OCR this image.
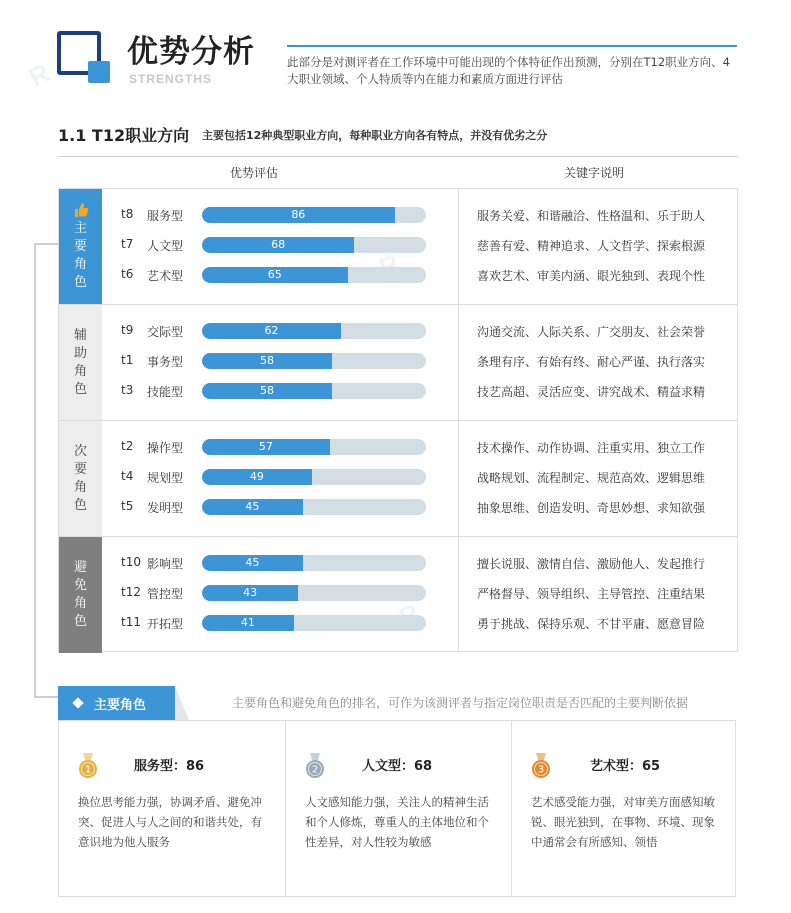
优势分析
STRENGTHS
此部分是对测评者在工作环境中可能出现的个体特征作出预测，分别在T12职业方向、4大职业领域、个人特质等内在能力和素质方面进行评估
1.1 T12职业方向 主要包括12种典型职业方向，每种职业方向各有特点，并没有优劣之分
优势评估	关键字说明
主
要
角
色
t8 服务型	86	服务关爱、和谐融洽、性格温和、乐于助人
t7 人文型	68	慈善有爱、精神追求、人文哲学、探索根源
t6 艺术型	65	喜欢艺术、审美内涵、眼光独到、表现个性
辅
助
角
色
t9 交际型	62	沟通交流、人际关系、广交朋友、社会荣誉
t1 事务型	58	条理有序、有始有终、耐心严谨、执行落实
t3 技能型	58	技艺高超、灵活应变、讲究战术、精益求精
次
要
角
色
t2 操作型	57	技术操作、动作协调、注重实用、独立工作
t4 规划型	49	战略规划、流程制定、规范高效、逻辑思维
t5 发明型	45	抽象思维、创造发明、奇思妙想、求知欲强
避
免
角
色
t10 影响型	45	擅长说服、激情自信、激励他人、发起推行
t12 管控型	43	严格督导、领导组织、主导管控、注重结果
t11 开拓型	41	勇于挑战、保持乐观、不甘平庸、愿意冒险
主要角色	主要角色和避免角色的排名，可作为该测评者与指定岗位职责是否匹配的主要判断依据
1	服务型：86
换位思考能力强，协调矛盾、避免冲突、促进人与人之间的和谐共处，有意识地为他人服务
2	人文型：68
人文感知能力强，关注人的精神生活和个人修炼，尊重人的主体地位和个性差异，对人性较为敏感
3	艺术型：65
艺术感受能力强，对审美方面感知敏锐、眼光独到，在事物、环境、现象中通常会有所感知、领悟
R
R
R
